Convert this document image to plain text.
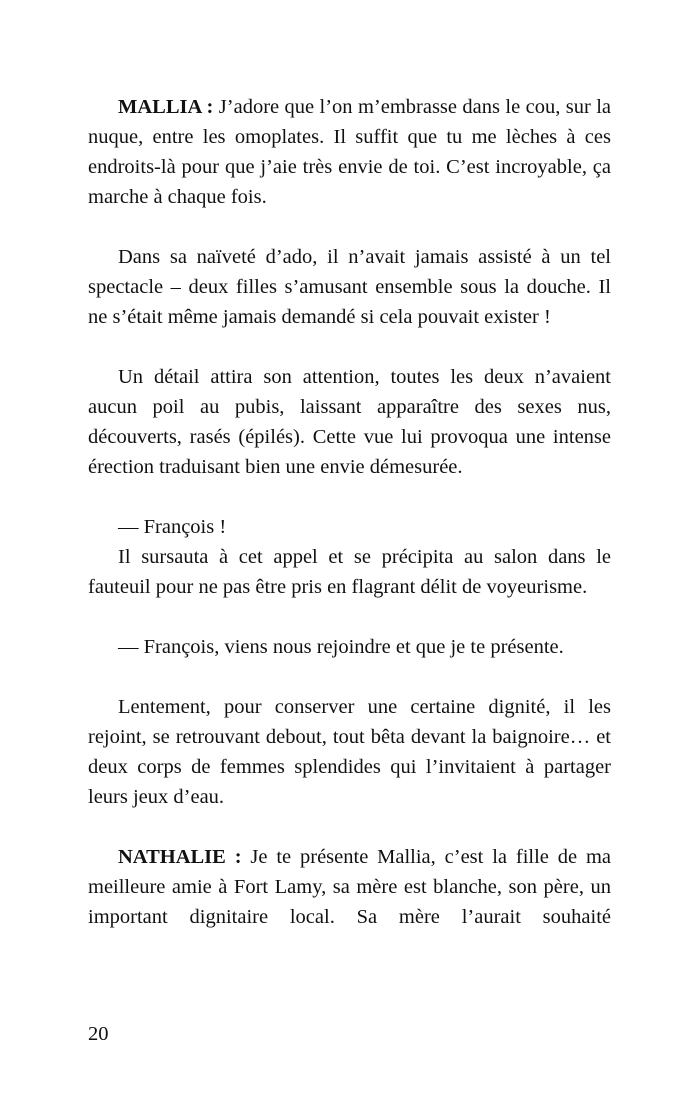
MALLIA : J’adore que l’on m’embrasse dans le cou, sur la nuque, entre les omoplates. Il suffit que tu me lèches à ces endroits-là pour que j’aie très envie de toi. C’est incroyable, ça marche à chaque fois.

Dans sa naïveté d’ado, il n’avait jamais assisté à un tel spectacle – deux filles s’amusant ensemble sous la douche. Il ne s’était même jamais demandé si cela pouvait exister !

Un détail attira son attention, toutes les deux n’avaient aucun poil au pubis, laissant apparaître des sexes nus, découverts, rasés (épilés). Cette vue lui provoqua une intense érection traduisant bien une envie démesurée.

— François !

Il sursauta à cet appel et se précipita au salon dans le fauteuil pour ne pas être pris en flagrant délit de voyeurisme.

— François, viens nous rejoindre et que je te présente.

Lentement, pour conserver une certaine dignité, il les rejoint, se retrouvant debout, tout bêta devant la baignoire… et deux corps de femmes splendides qui l’invitaient à partager leurs jeux d’eau.

NATHALIE : Je te présente Mallia, c’est la fille de ma meilleure amie à Fort Lamy, sa mère est blanche, son père, un important dignitaire local. Sa mère l’aurait souhaité

20
